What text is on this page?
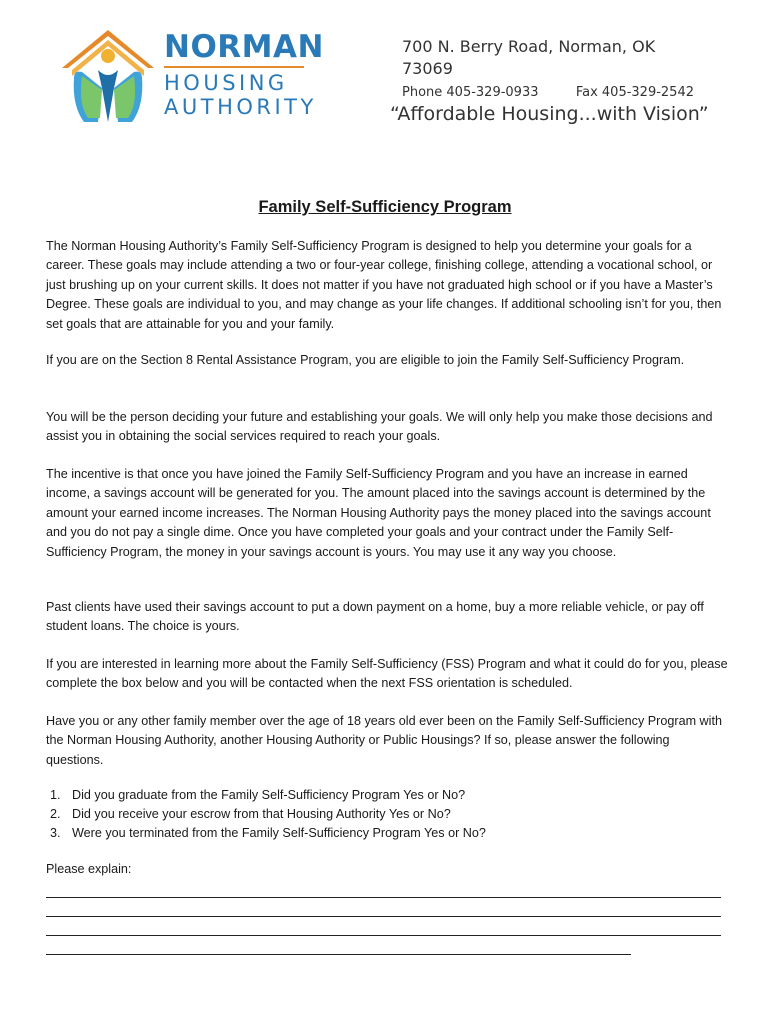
NORMAN
HOUSING
AUTHORITY
700 N. Berry Road, Norman, OK 73069
Phone 405-329-0933	Fax 405-329-2542
“Affordable Housing...with Vision”
Family Self-Sufficiency Program

The Norman Housing Authority’s Family Self-Sufficiency Program is designed to help you determine your goals for a career. These goals may include attending a two or four-year college, finishing college, attending a vocational school, or just brushing up on your current skills. It does not matter if you have not graduated high school or if you have a Master’s Degree. These goals are individual to you, and may change as your life changes. If additional schooling isn’t for you, then set goals that are attainable for you and your family.

If you are on the Section 8 Rental Assistance Program, you are eligible to join the Family Self-Sufficiency Program.

You will be the person deciding your future and establishing your goals. We will only help you make those decisions and assist you in obtaining the social services required to reach your goals.

The incentive is that once you have joined the Family Self-Sufficiency Program and you have an increase in earned income, a savings account will be generated for you. The amount placed into the savings account is determined by the amount your earned income increases. The Norman Housing Authority pays the money placed into the savings account and you do not pay a single dime. Once you have completed your goals and your contract under the Family Self-Sufficiency Program, the money in your savings account is yours. You may use it any way you choose.

Past clients have used their savings account to put a down payment on a home, buy a more reliable vehicle, or pay off student loans. The choice is yours.

If you are interested in learning more about the Family Self-Sufficiency (FSS) Program and what it could do for you, please complete the box below and you will be contacted when the next FSS orientation is scheduled.

Have you or any other family member over the age of 18 years old ever been on the Family Self-Sufficiency Program with the Norman Housing Authority, another Housing Authority or Public Housings? If so, please answer the following questions.

1. Did you graduate from the Family Self-Sufficiency Program Yes or No?
2. Did you receive your escrow from that Housing Authority Yes or No?
3. Were you terminated from the Family Self-Sufficiency Program Yes or No?
Please explain:
